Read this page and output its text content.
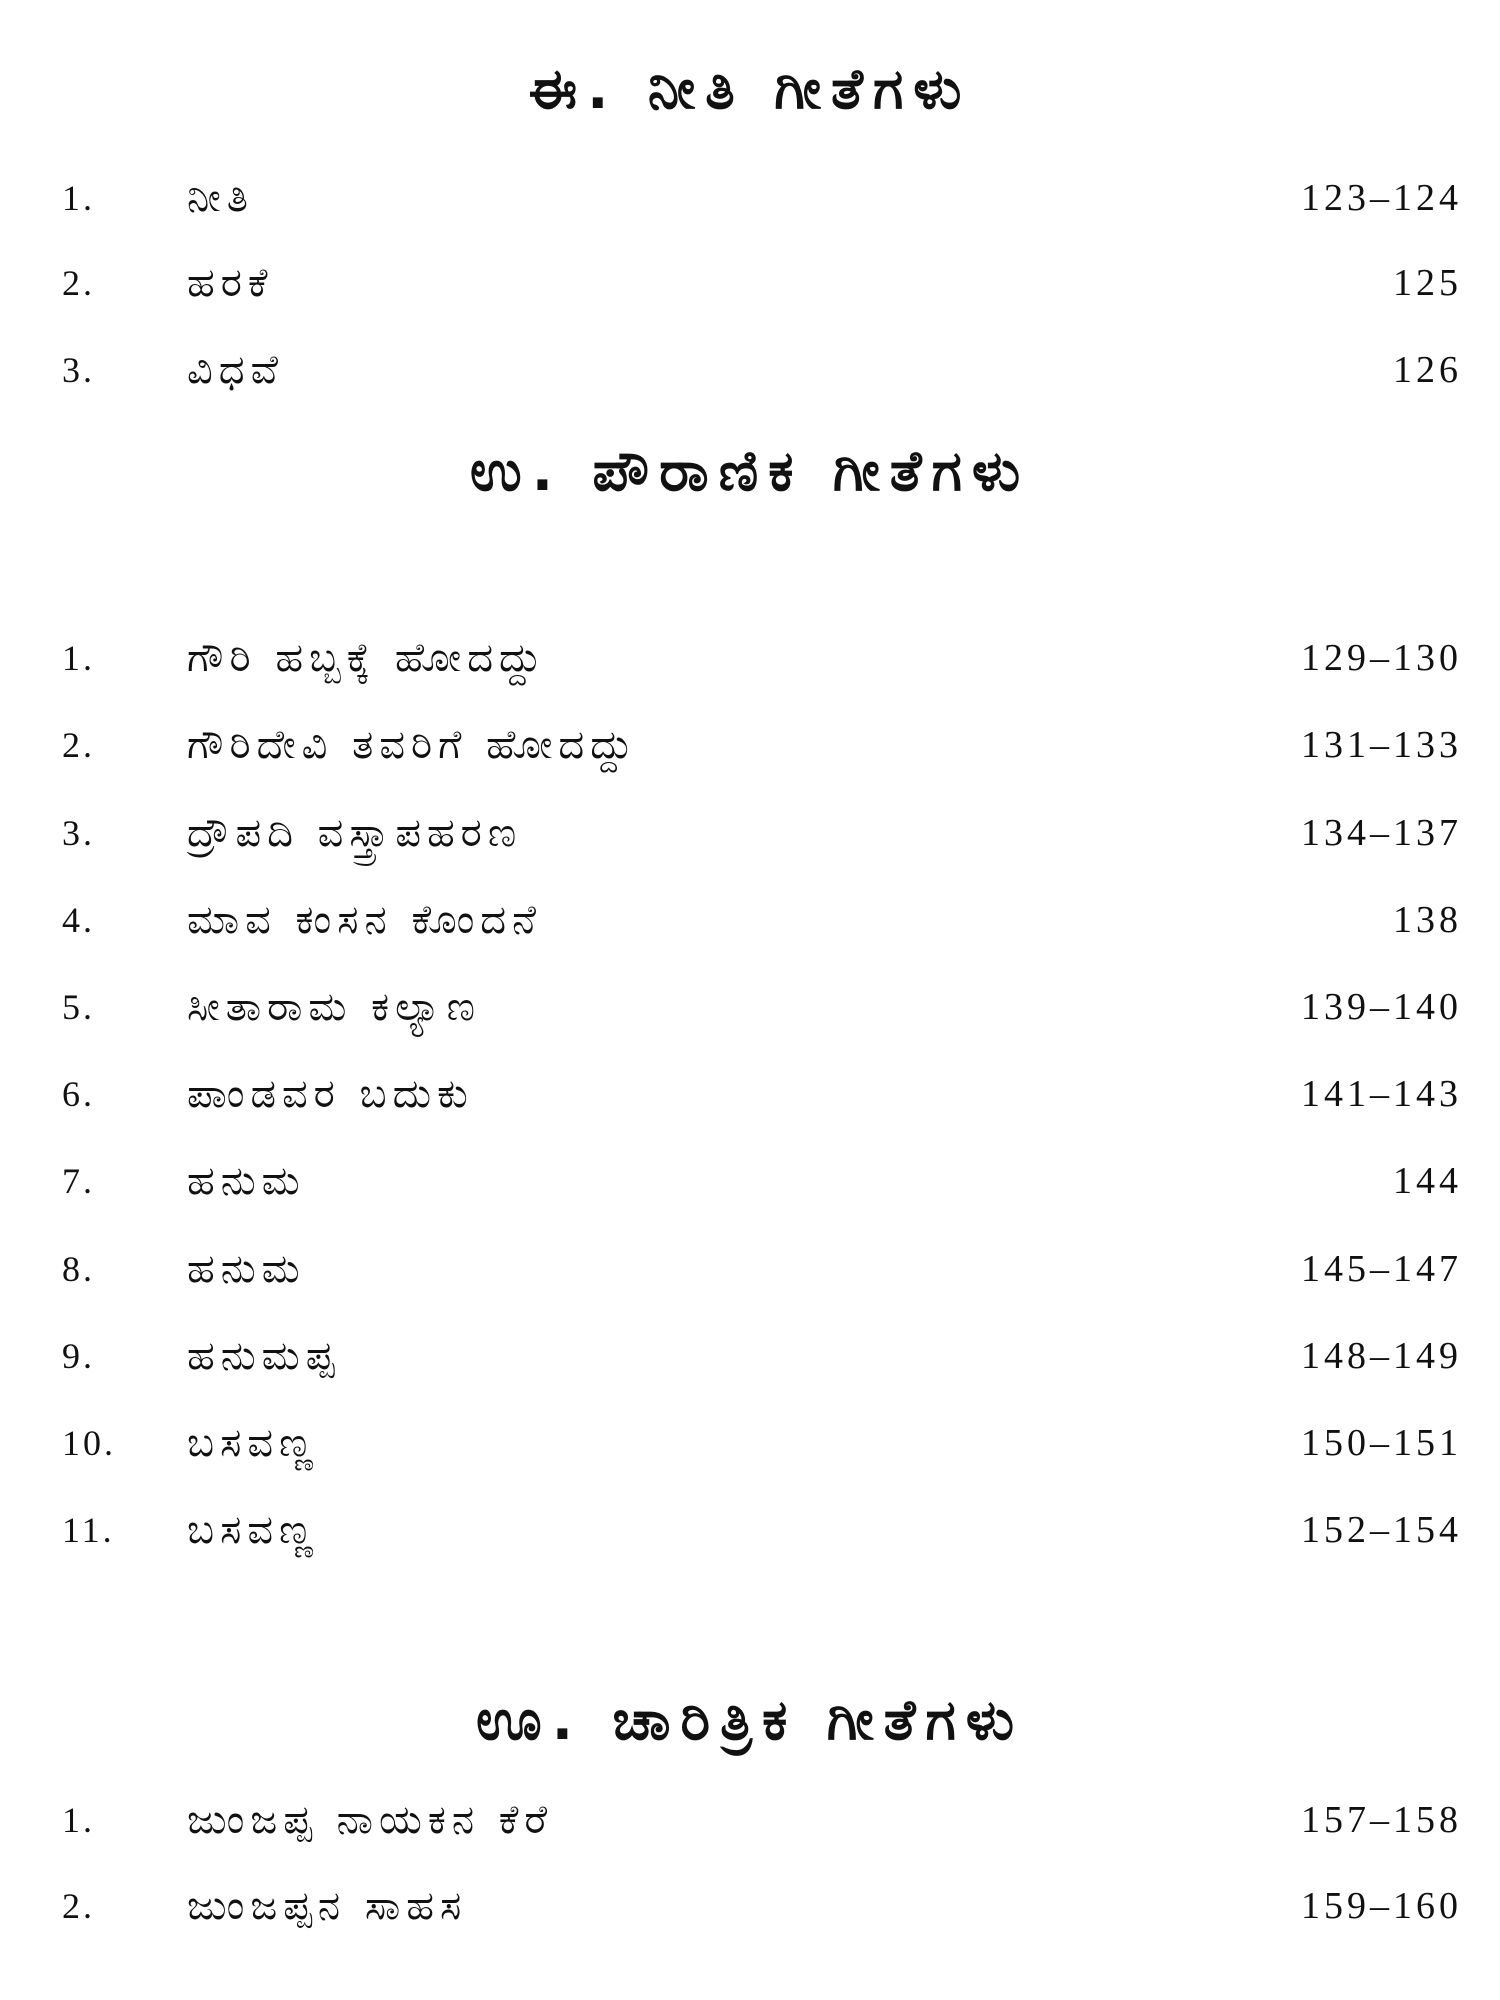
ಈ. ನೀತಿ ಗೀತೆಗಳು
1. ನೀತಿ	123–124
2. ಹರಕೆ	125
3. ವಿಧವೆ	126
ಉ. ಪೌರಾಣಿಕ ಗೀತೆಗಳು
1. ಗೌರಿ ಹಬ್ಬಕ್ಕೆ ಹೋದದ್ದು	129–130
2. ಗೌರಿದೇವಿ ತವರಿಗೆ ಹೋದದ್ದು	131–133
3. ದ್ರೌಪದಿ ವಸ್ತ್ರಾಪಹರಣ	134–137
4. ಮಾವ ಕಂಸನ ಕೊಂದನೆ	138
5. ಸೀತಾರಾಮ ಕಲ್ಯಾಣ	139–140
6. ಪಾಂಡವರ ಬದುಕು	141–143
7. ಹನುಮ	144
8. ಹನುಮ	145–147
9. ಹನುಮಪ್ಪ	148–149
10. ಬಸವಣ್ಣ	150–151
11. ಬಸವಣ್ಣ	152–154
ಊ. ಚಾರಿತ್ರಿಕ ಗೀತೆಗಳು
1. ಜುಂಜಪ್ಪ ನಾಯಕನ ಕೆರೆ	157–158
2. ಜುಂಜಪ್ಪನ ಸಾಹಸ	159–160
